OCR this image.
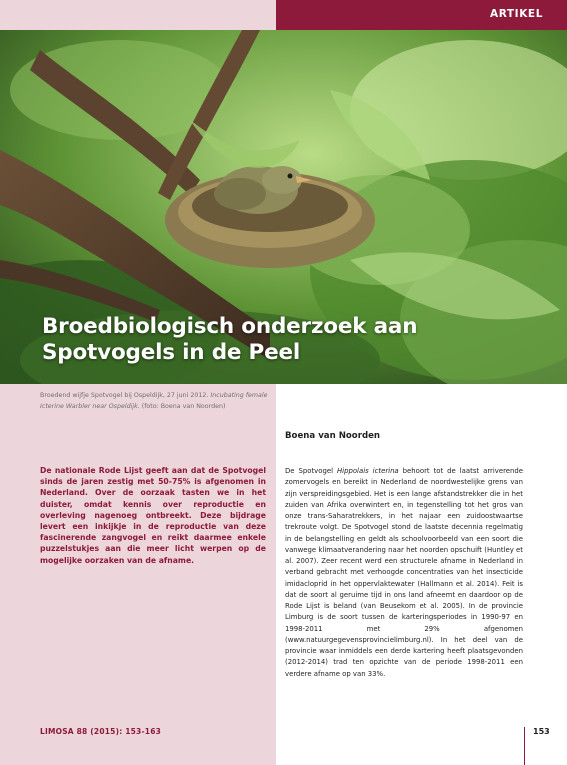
ARTIKEL
Broedbiologisch onderzoek aan
Spotvogels in de Peel
Broedend wijfje Spotvogel bij Ospeldijk, 27 juni 2012. Incubating female Icterine Warbler near Ospeldijk. (foto: Boena van Noorden)
De nationale Rode Lijst geeft aan dat de Spotvogel sinds de jaren zestig met 50-75% is afgenomen in Nederland. Over de oorzaak tasten we in het duister, omdat kennis over reproductie en overleving nagenoeg ontbreekt. Deze bijdrage levert een inkijkje in de reproductie van deze fascinerende zangvogel en reikt daarmee enkele puzzelstukjes aan die meer licht werpen op de mogelijke oorzaken van de afname.
Boena van Noorden
De Spotvogel Hippolais icterina behoort tot de laatst arriverende zomervogels en bereikt in Nederland de noordwestelijke grens van zijn verspreidingsgebied. Het is een lange afstandstrekker die in het zuiden van Afrika overwintert en, in tegenstelling tot het gros van onze trans-Saharatrekkers, in het najaar een zuidoostwaartse trekroute volgt. De Spotvogel stond de laatste decennia regelmatig in de belangstelling en geldt als schoolvoorbeeld van een soort die vanwege klimaatverandering naar het noorden opschuift (Huntley et al. 2007). Zeer recent werd een structurele afname in Nederland in verband gebracht met verhoogde concentraties van het insecticide imidacloprid in het oppervlaktewater (Hallmann et al. 2014). Feit is dat de soort al geruime tijd in ons land afneemt en daardoor op de Rode Lijst is beland (van Beusekom et al. 2005). In de provincie Limburg is de soort tussen de karteringsperiodes in 1990-97 en 1998-2011 met 29% afgenomen (www.natuurgegevensprovincielimburg.nl). In het deel van de provincie waar inmiddels een derde kartering heeft plaatsgevonden (2012-2014) trad ten opzichte van de periode 1998-2011 een verdere afname op van 33%.
LIMOSA 88 (2015): 153-163	153
